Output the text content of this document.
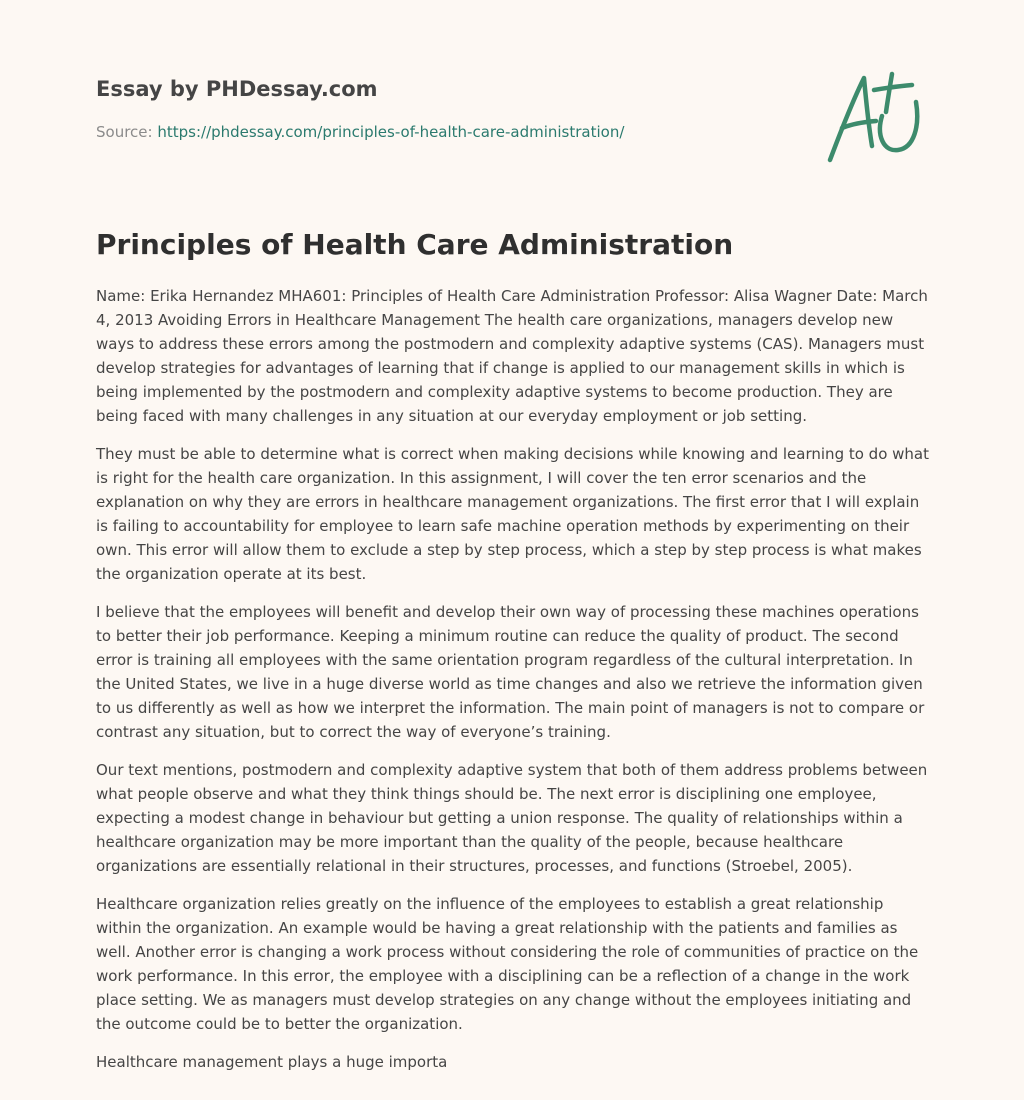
Essay by PHDessay.com
Source: https://phdessay.com/principles-of-health-care-administration/
Principles of Health Care Administration

Name: Erika Hernandez MHA601: Principles of Health Care Administration Professor: Alisa Wagner Date: March 4, 2013 Avoiding Errors in Healthcare Management The health care organizations, managers develop new ways to address these errors among the postmodern and complexity adaptive systems (CAS). Managers must develop strategies for advantages of learning that if change is applied to our management skills in which is being implemented by the postmodern and complexity adaptive systems to become production. They are being faced with many challenges in any situation at our everyday employment or job setting.

They must be able to determine what is correct when making decisions while knowing and learning to do what is right for the health care organization. In this assignment, I will cover the ten error scenarios and the explanation on why they are errors in healthcare management organizations. The first error that I will explain is failing to accountability for employee to learn safe machine operation methods by experimenting on their own. This error will allow them to exclude a step by step process, which a step by step process is what makes the organization operate at its best.

I believe that the employees will benefit and develop their own way of processing these machines operations to better their job performance. Keeping a minimum routine can reduce the quality of product. The second error is training all employees with the same orientation program regardless of the cultural interpretation. In the United States, we live in a huge diverse world as time changes and also we retrieve the information given to us differently as well as how we interpret the information. The main point of managers is not to compare or contrast any situation, but to correct the way of everyone’s training.

Our text mentions, postmodern and complexity adaptive system that both of them address problems between what people observe and what they think things should be. The next error is disciplining one employee, expecting a modest change in behaviour but getting a union response. The quality of relationships within a healthcare organization may be more important than the quality of the people, because healthcare organizations are essentially relational in their structures, processes, and functions (Stroebel, 2005).

Healthcare organization relies greatly on the influence of the employees to establish a great relationship within the organization. An example would be having a great relationship with the patients and families as well. Another error is changing a work process without considering the role of communities of practice on the work performance. In this error, the employee with a disciplining can be a reflection of a change in the work place setting. We as managers must develop strategies on any change without the employees initiating and the outcome could be to better the organization.

Healthcare management plays a huge importa
